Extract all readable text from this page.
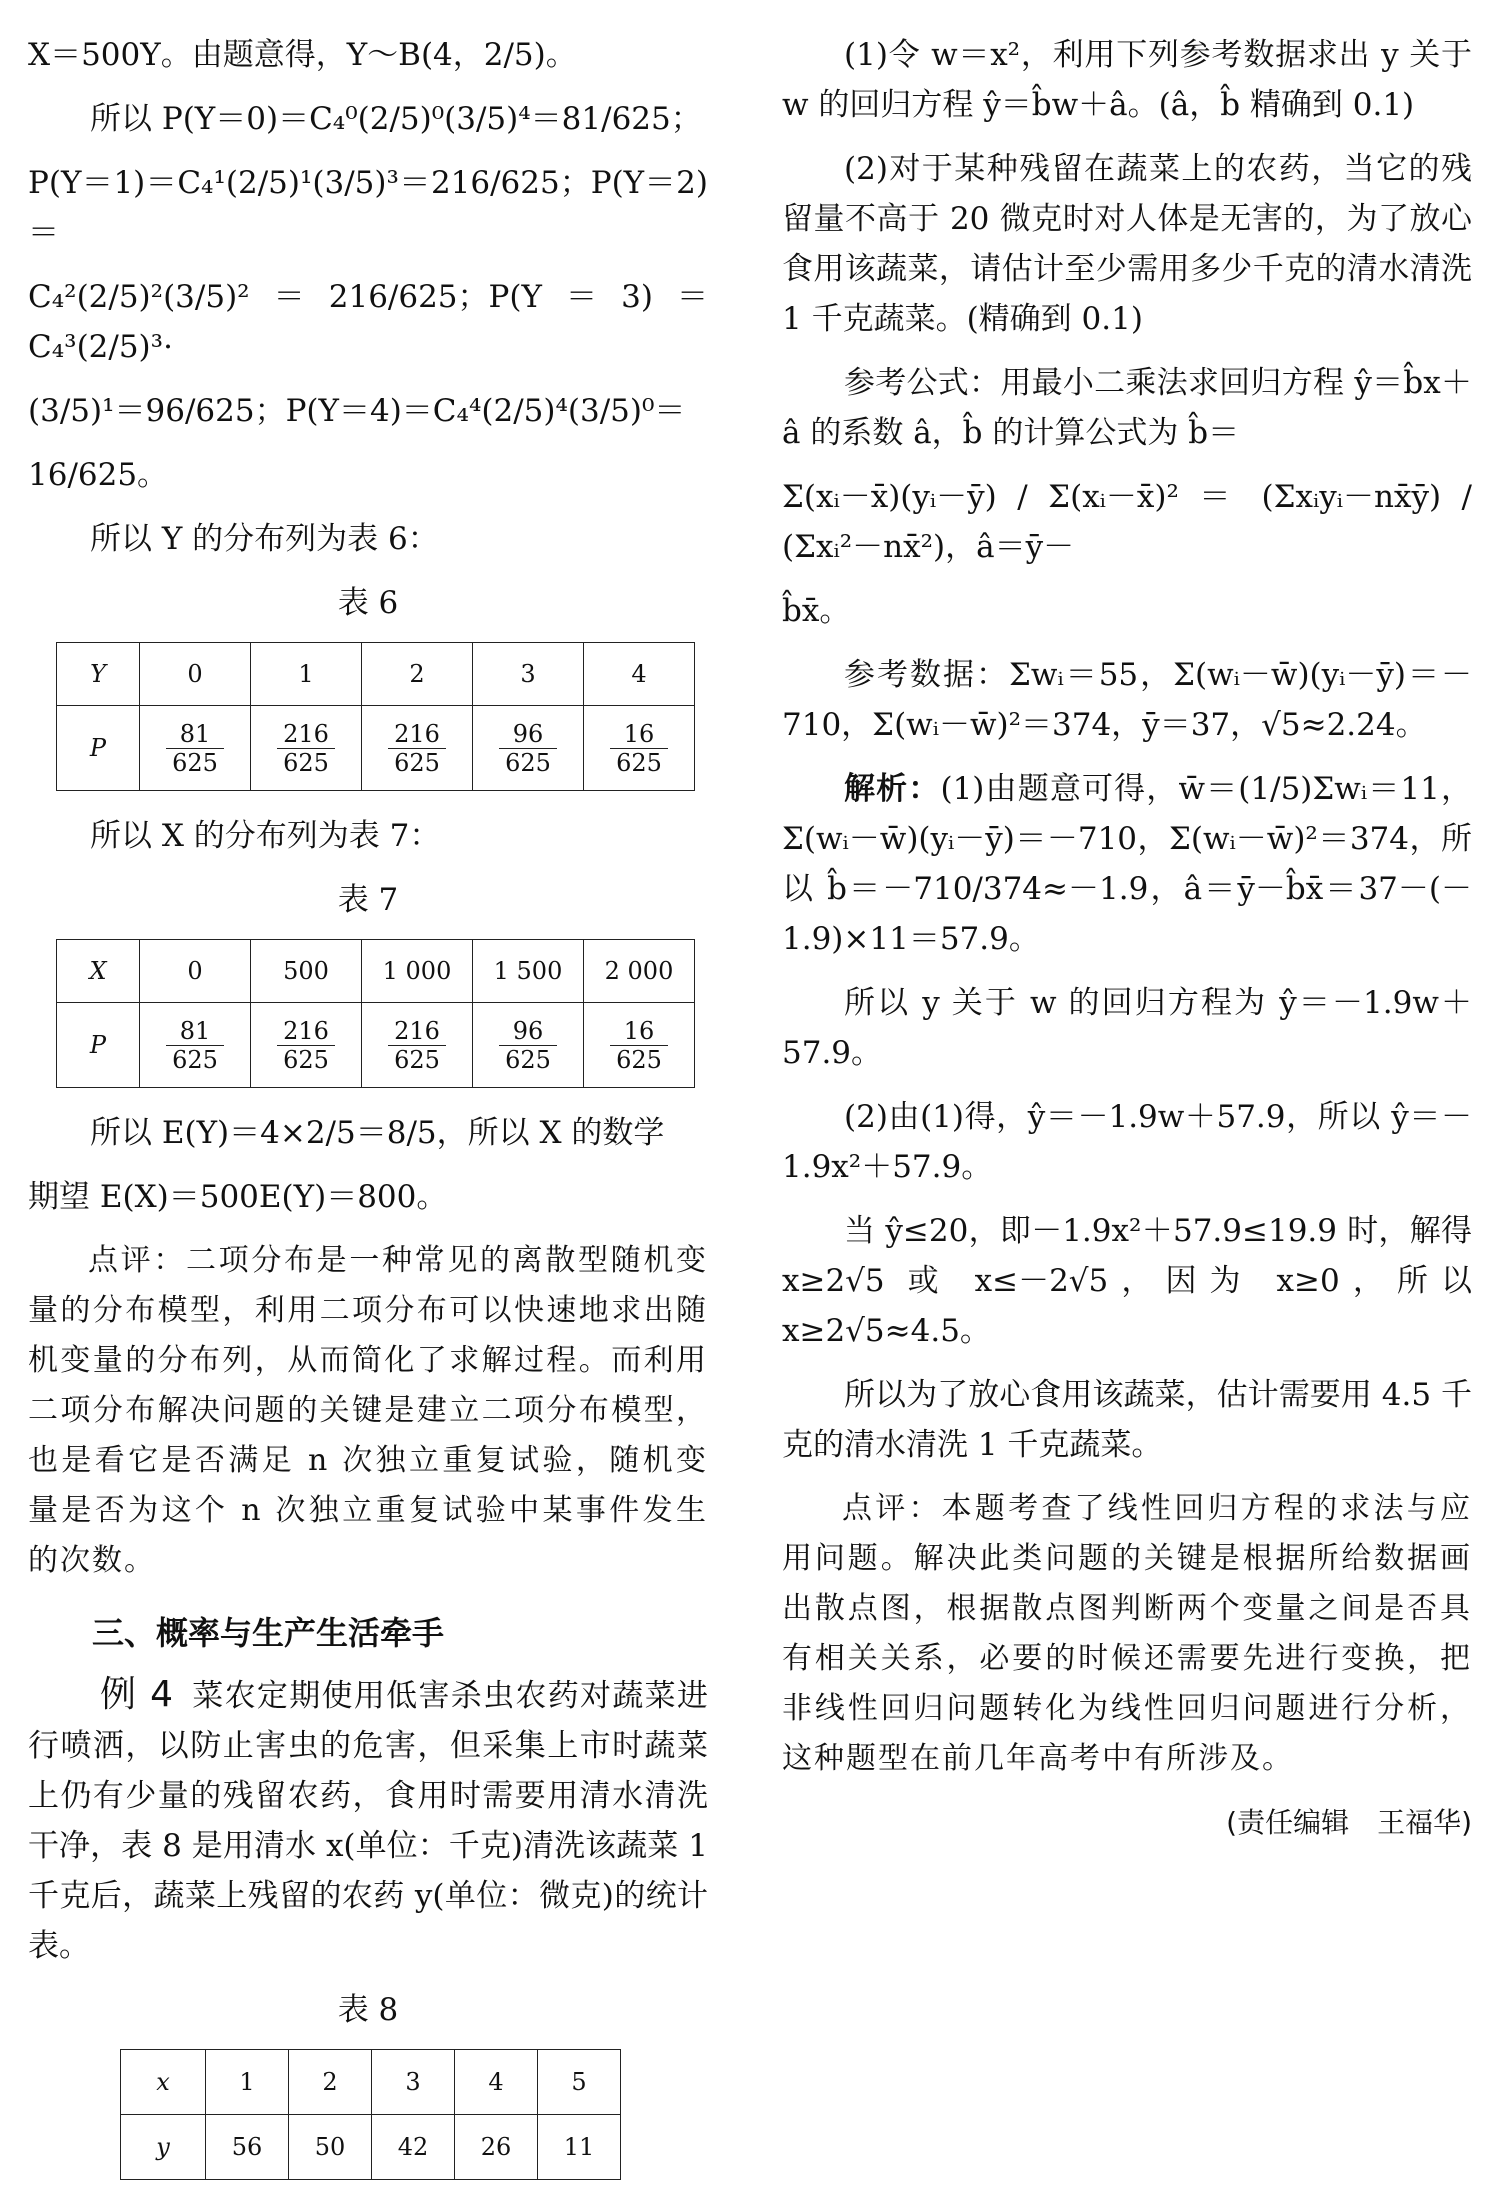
X＝500Y。由题意得，Y～B(4，2/5)。

所以 P(Y＝0)＝C₄⁰(2/5)⁰(3/5)⁴＝81/625；

P(Y＝1)＝C₄¹(2/5)¹(3/5)³＝216/625；P(Y＝2)＝

C₄²(2/5)²(3/5)²＝216/625；P(Y＝3)＝C₄³(2/5)³·

(3/5)¹＝96/625；P(Y＝4)＝C₄⁴(2/5)⁴(3/5)⁰＝

16/625。

所以 Y 的分布列为表 6：

表 6
Y	0	1	2	3	4
P	$\frac{81}{625}$	$\frac{216}{625}$	$\frac{216}{625}$	$\frac{96}{625}$	$\frac{16}{625}$

所以 X 的分布列为表 7：

表 7
X	0	500	1 000	1 500	2 000
P	$\frac{81}{625}$	$\frac{216}{625}$	$\frac{216}{625}$	$\frac{96}{625}$	$\frac{16}{625}$

所以 E(Y)＝4×2/5＝8/5，所以 X 的数学

期望 E(X)＝500E(Y)＝800。

点评：二项分布是一种常见的离散型随机变量的分布模型，利用二项分布可以快速地求出随机变量的分布列，从而简化了求解过程。而利用二项分布解决问题的关键是建立二项分布模型，也是看它是否满足 n 次独立重复试验，随机变量是否为这个 n 次独立重复试验中某事件发生的次数。

三、概率与生产生活牵手

例 4 菜农定期使用低害杀虫农药对蔬菜进行喷洒，以防止害虫的危害，但采集上市时蔬菜上仍有少量的残留农药，食用时需要用清水清洗干净，表 8 是用清水 x(单位：千克)清洗该蔬菜 1 千克后，蔬菜上残留的农药 y(单位：微克)的统计表。

表 8
x	1	2	3	4	5
y	56	50	42	26	11

(1)令 w＝x²，利用下列参考数据求出 y 关于 w 的回归方程 ŷ＝b̂w＋â。(â，b̂ 精确到 0.1)

(2)对于某种残留在蔬菜上的农药，当它的残留量不高于 20 微克时对人体是无害的，为了放心食用该蔬菜，请估计至少需用多少千克的清水清洗 1 千克蔬菜。(精确到 0.1)

参考公式：用最小二乘法求回归方程 ŷ＝b̂x＋â 的系数 â，b̂ 的计算公式为 b̂＝

Σ(xᵢ－x̄)(yᵢ－ȳ) / Σ(xᵢ－x̄)² ＝ (Σxᵢyᵢ－nx̄ȳ) / (Σxᵢ²－nx̄²)，â＝ȳ－

b̂x̄。

参考数据：Σwᵢ＝55，Σ(wᵢ－w̄)(yᵢ－ȳ)＝－710，Σ(wᵢ－w̄)²＝374，ȳ＝37，√5≈2.24。

解析：(1)由题意可得，w̄＝(1/5)Σwᵢ＝11，Σ(wᵢ－w̄)(yᵢ－ȳ)＝－710，Σ(wᵢ－w̄)²＝374，所以 b̂＝－710/374≈－1.9，â＝ȳ－b̂x̄＝37－(－1.9)×11＝57.9。

所以 y 关于 w 的回归方程为 ŷ＝－1.9w＋57.9。

(2)由(1)得，ŷ＝－1.9w＋57.9，所以 ŷ＝－1.9x²＋57.9。

当 ŷ≤20，即－1.9x²＋57.9≤19.9 时，解得 x≥2√5 或 x≤－2√5，因为 x≥0，所以 x≥2√5≈4.5。

所以为了放心食用该蔬菜，估计需要用 4.5 千克的清水清洗 1 千克蔬菜。

点评：本题考查了线性回归方程的求法与应用问题。解决此类问题的关键是根据所给数据画出散点图，根据散点图判断两个变量之间是否具有相关关系，必要的时候还需要先进行变换，把非线性回归问题转化为线性回归问题进行分析，这种题型在前几年高考中有所涉及。

(责任编辑　王福华)
